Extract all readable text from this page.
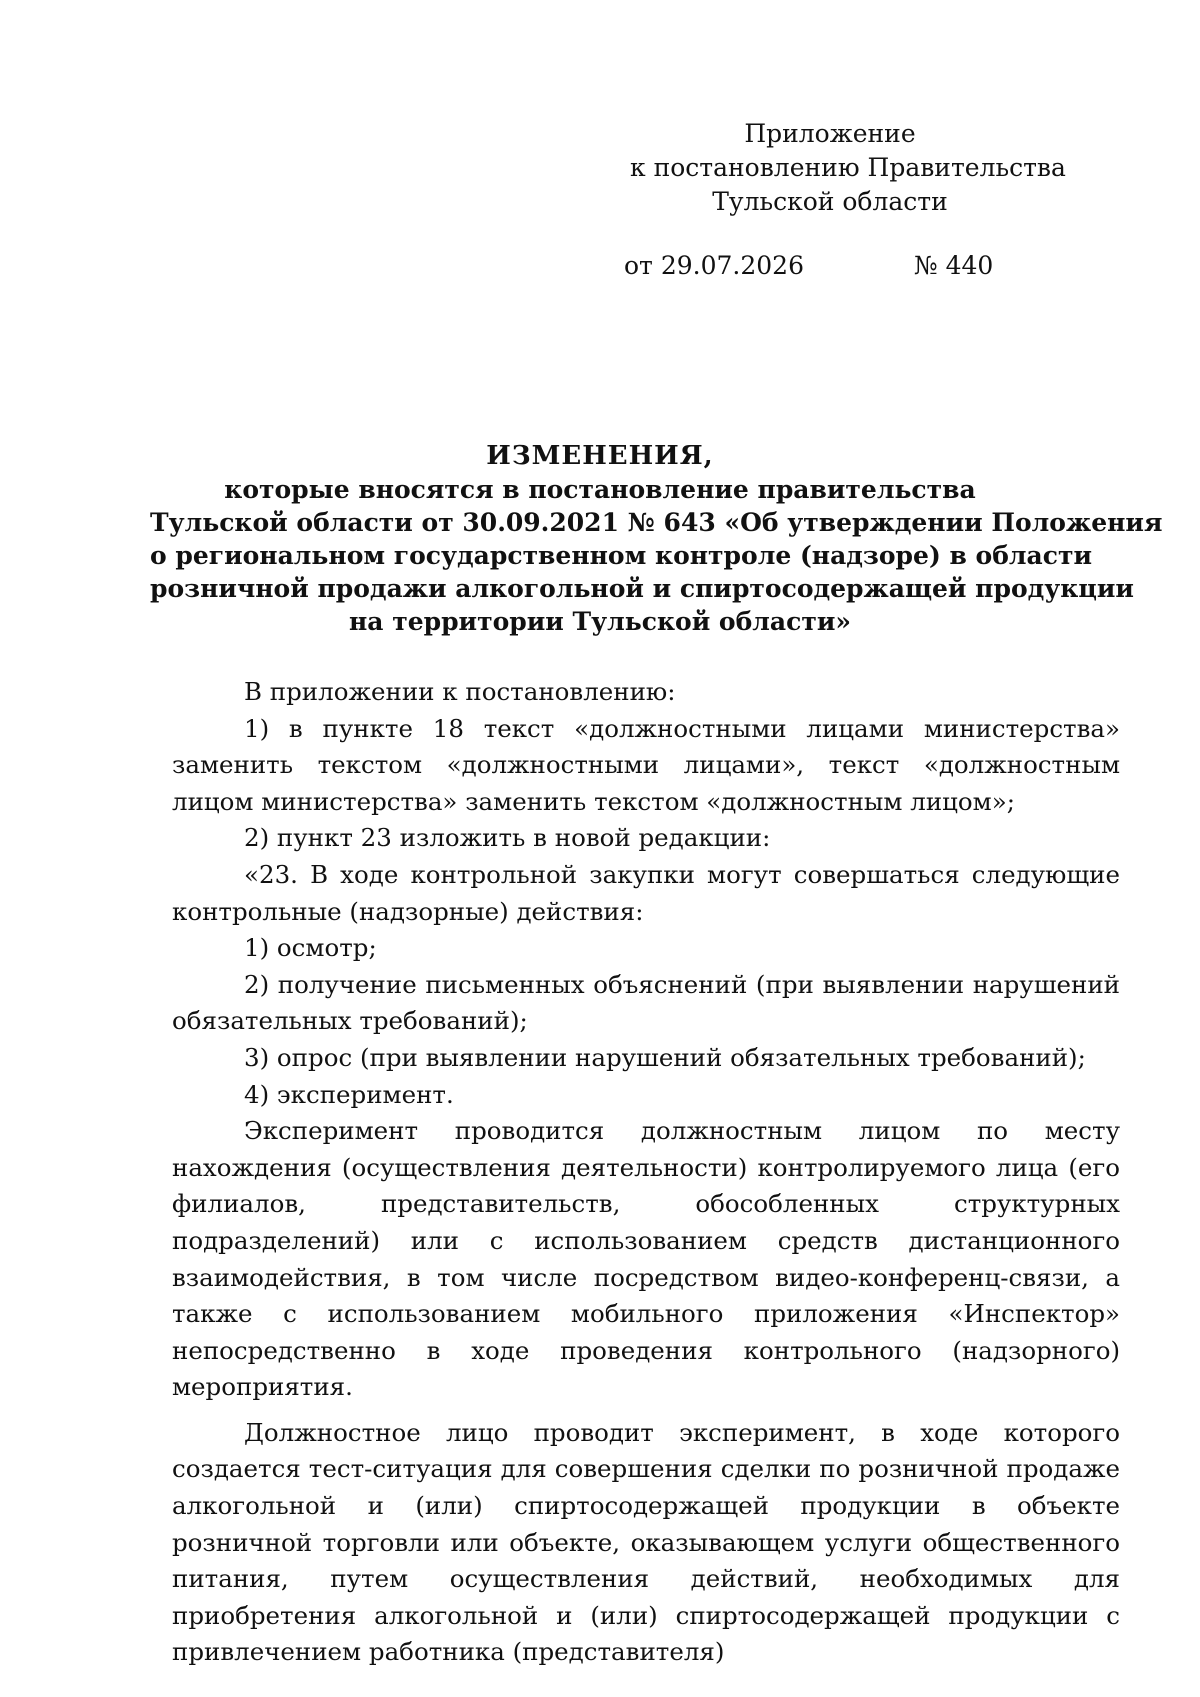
Приложение
к постановлению Правительства
Тульской области
от 29.07.2026	№ 440
ИЗМЕНЕНИЯ,
которые вносятся в постановление правительства
Тульской области от 30.09.2021 № 643 «Об утверждении Положения
о региональном государственном контроле (надзоре) в области
розничной продажи алкогольной и спиртосодержащей продукции
на территории Тульской области»

В приложении к постановлению:

1) в пункте 18 текст «должностными лицами министерства» заменить текстом «должностными лицами», текст «должностным лицом министерства» заменить текстом «должностным лицом»;

2) пункт 23 изложить в новой редакции:

«23. В ходе контрольной закупки могут совершаться следующие контрольные (надзорные) действия:

1) осмотр;

2) получение письменных объяснений (при выявлении нарушений обязательных требований);

3) опрос (при выявлении нарушений обязательных требований);

4) эксперимент.

Эксперимент проводится должностным лицом по месту нахождения (осуществления деятельности) контролируемого лица (его филиалов, представительств, обособленных структурных подразделений) или с использованием средств дистанционного взаимодействия, в том числе посредством видео-конференц-связи, а также с использованием мобильного приложения «Инспектор» непосредственно в ходе проведения контрольного (надзорного) мероприятия.

Должностное лицо проводит эксперимент, в ходе которого создается тест-ситуация для совершения сделки по розничной продаже алкогольной и (или) спиртосодержащей продукции в объекте розничной торговли или объекте, оказывающем услуги общественного питания, путем осуществления действий, необходимых для приобретения алкогольной и (или) спиртосодержащей продукции с привлечением работника (представителя)
